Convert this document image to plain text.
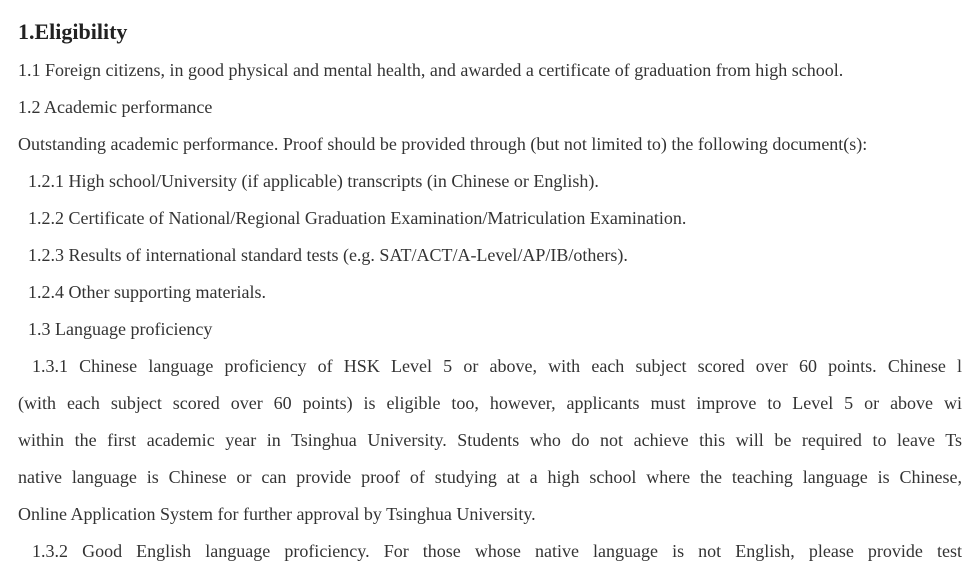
1.Eligibility
1.1 Foreign citizens, in good physical and mental health, and awarded a certificate of graduation from high school.
1.2 Academic performance
Outstanding academic performance. Proof should be provided through (but not limited to) the following document(s):
1.2.1 High school/University (if applicable) transcripts (in Chinese or English).
1.2.2 Certificate of National/Regional Graduation Examination/Matriculation Examination.
1.2.3 Results of international standard tests (e.g. SAT/ACT/A-Level/AP/IB/others).
1.2.4 Other supporting materials.
1.3 Language proficiency
1.3.1 Chinese language proficiency of HSK Level 5 or above, with each subject scored over 60 points. Chinese l
(with each subject scored over 60 points) is eligible too, however, applicants must improve to Level 5 or above wi
within the first academic year in Tsinghua University. Students who do not achieve this will be required to leave Ts
native language is Chinese or can provide proof of studying at a high school where the teaching language is Chinese,
Online Application System for further approval by Tsinghua University.
1.3.2 Good English language proficiency. For those whose native language is not English, please provide test
